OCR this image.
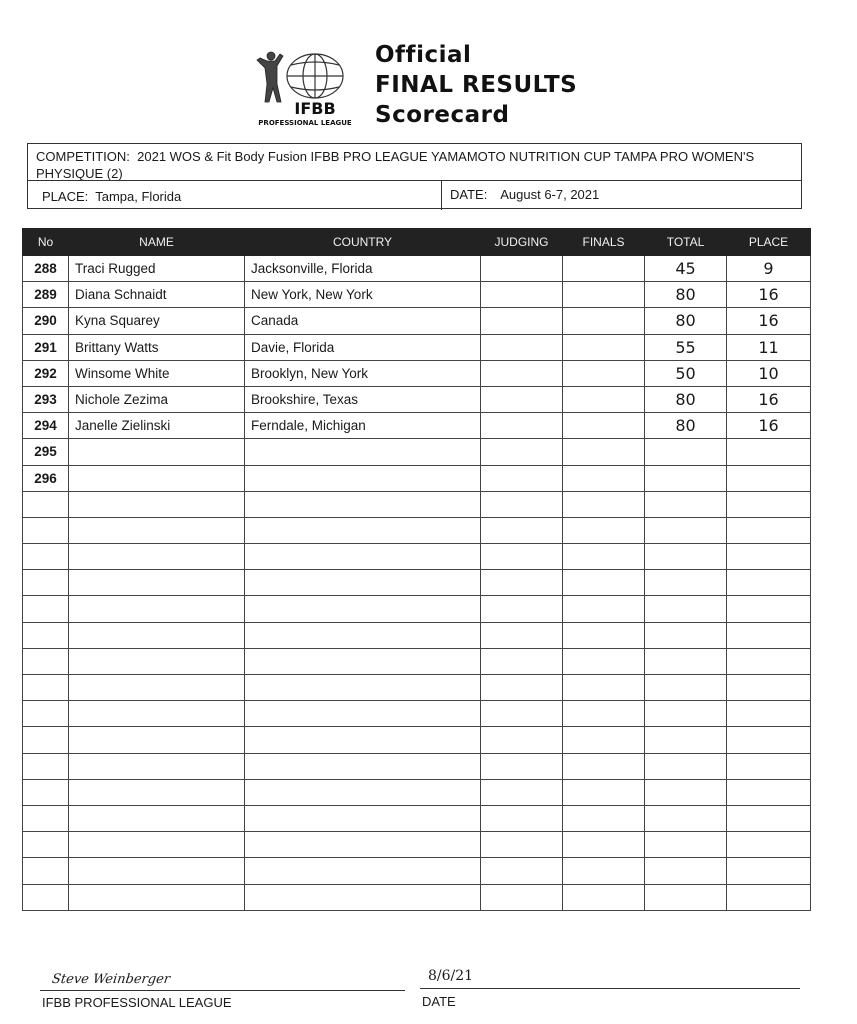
IFBB
PROFESSIONAL LEAGUE
Official
FINAL RESULTS
Scorecard
COMPETITION: 2021 WOS & Fit Body Fusion IFBB PRO LEAGUE YAMAMOTO NUTRITION CUP TAMPA PRO WOMEN'S PHYSIQUE (2)
PLACE: Tampa, Florida	DATE: August 6-7, 2021
No	NAME	COUNTRY	JUDGING	FINALS	TOTAL	PLACE
288	Traci Rugged	Jacksonville, Florida			45	9
289	Diana Schnaidt	New York, New York			80	16
290	Kyna Squarey	Canada			80	16
291	Brittany Watts	Davie, Florida			55	11
292	Winsome White	Brooklyn, New York			50	10
293	Nichole Zezima	Brookshire, Texas			80	16
294	Janelle Zielinski	Ferndale, Michigan			80	16
295						
296						

Steve Weinberger
IFBB PROFESSIONAL LEAGUE
8/6/21
DATE
